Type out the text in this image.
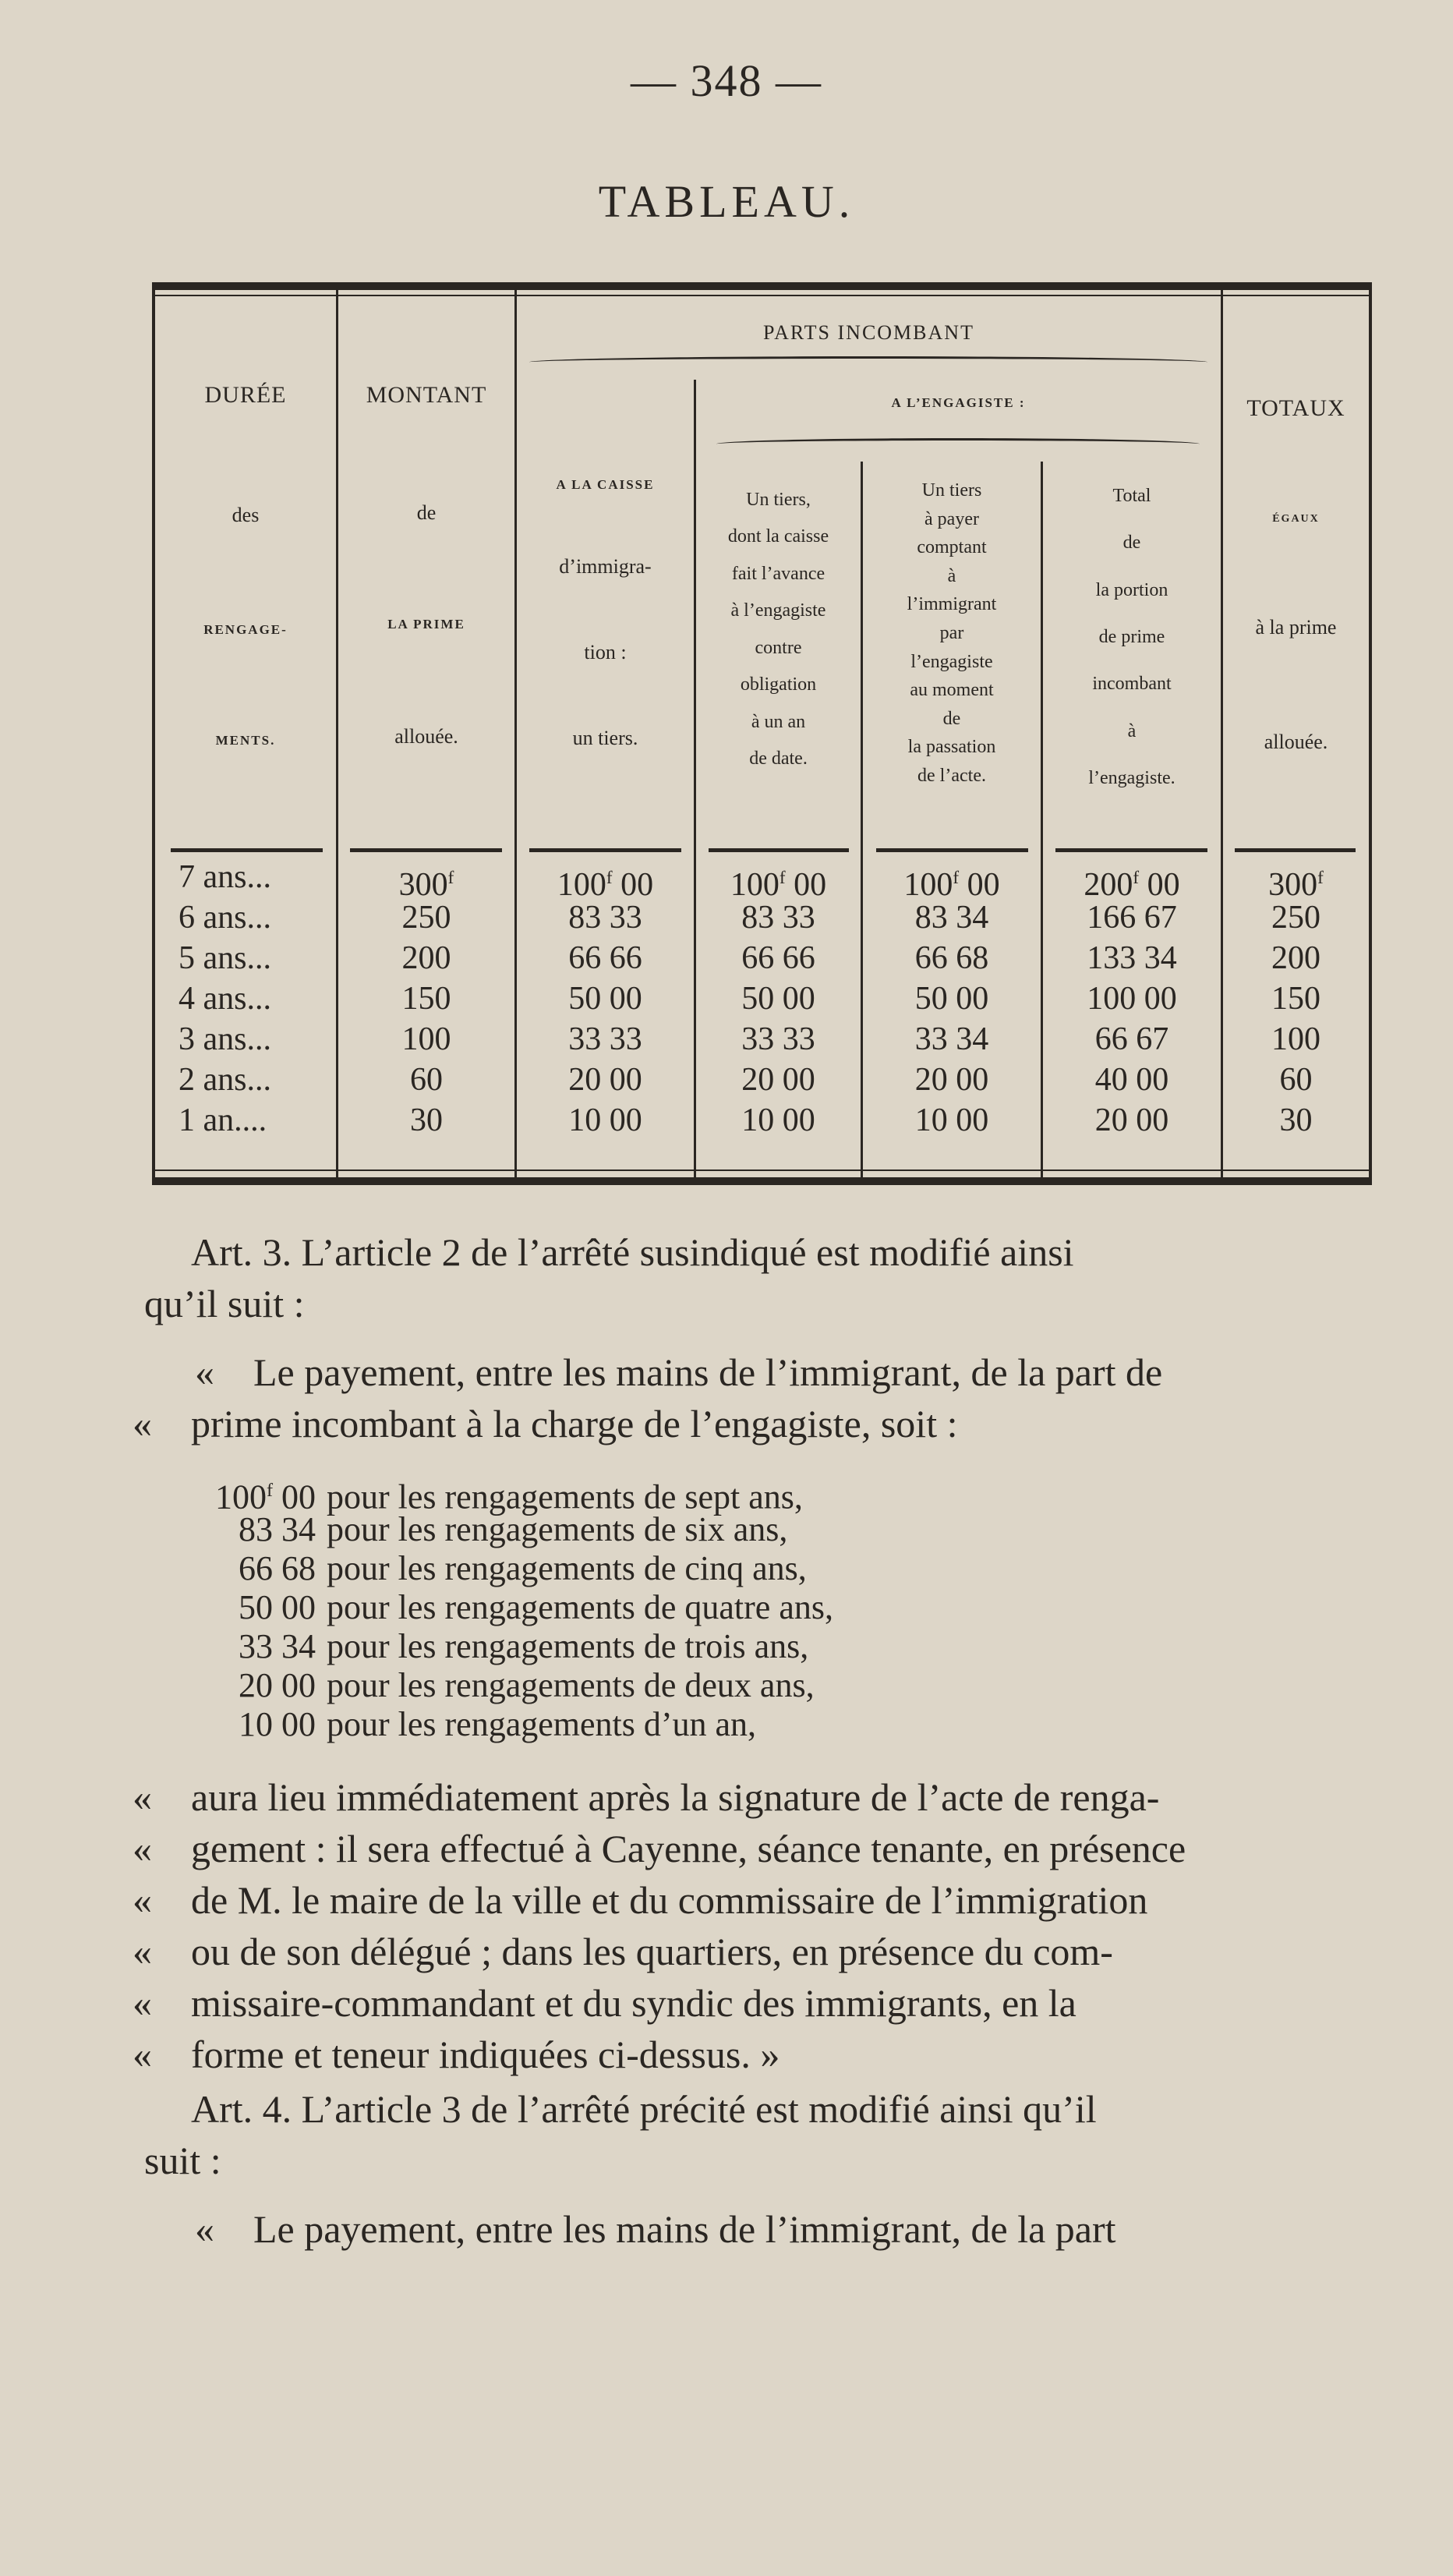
— 348 —
TABLEAU.
DURÉE
des
RENGAGE-
MENTS.
MONTANT
de
LA PRIME
allouée.
PARTS INCOMBANT
A LA CAISSE
d’immigra-
tion :
un tiers.
A L’ENGAGISTE :
Un tiers,
dont la caisse
fait l’avance
à l’engagiste
contre
obligation
à un an
de date.
Un tiers
à payer
comptant
à
l’immigrant
par
l’engagiste
au moment
de
la passation
de l’acte.
Total
de
la portion
de prime
incombant
à
l’engagiste.
TOTAUX
ÉGAUX
à la prime
allouée.
7 ans...	300$^f$	100$^f$ 00	100$^f$ 00	100$^f$ 00	200$^f$ 00	300$^f$
6 ans...	250	83 33	83 33	83 34	166 67	250
5 ans...	200	66 66	66 66	66 68	133 34	200
4 ans...	150	50 00	50 00	50 00	100 00	150
3 ans...	100	33 33	33 33	33 34	66 67	100
2 ans...	60	20 00	20 00	20 00	40 00	60
1 an....	30	10 00	10 00	10 00	20 00	30
Art. 3. L’article 2 de l’arrêté susindiqué est modifié ainsi
qu’il suit :
« Le payement, entre les mains de l’immigrant, de la part de
« prime incombant à la charge de l’engagiste, soit :
100$^f$ 00 pour les rengagements de sept ans,
83 34 pour les rengagements de six ans,
66 68 pour les rengagements de cinq ans,
50 00 pour les rengagements de quatre ans,
33 34 pour les rengagements de trois ans,
20 00 pour les rengagements de deux ans,
10 00 pour les rengagements d’un an,
« aura lieu immédiatement après la signature de l’acte de renga-
« gement : il sera effectué à Cayenne, séance tenante, en présence
« de M. le maire de la ville et du commissaire de l’immigration
« ou de son délégué ; dans les quartiers, en présence du com-
« missaire-commandant et du syndic des immigrants, en la
« forme et teneur indiquées ci-dessus. »
Art. 4. L’article 3 de l’arrêté précité est modifié ainsi qu’il
suit :
« Le payement, entre les mains de l’immigrant, de la part
